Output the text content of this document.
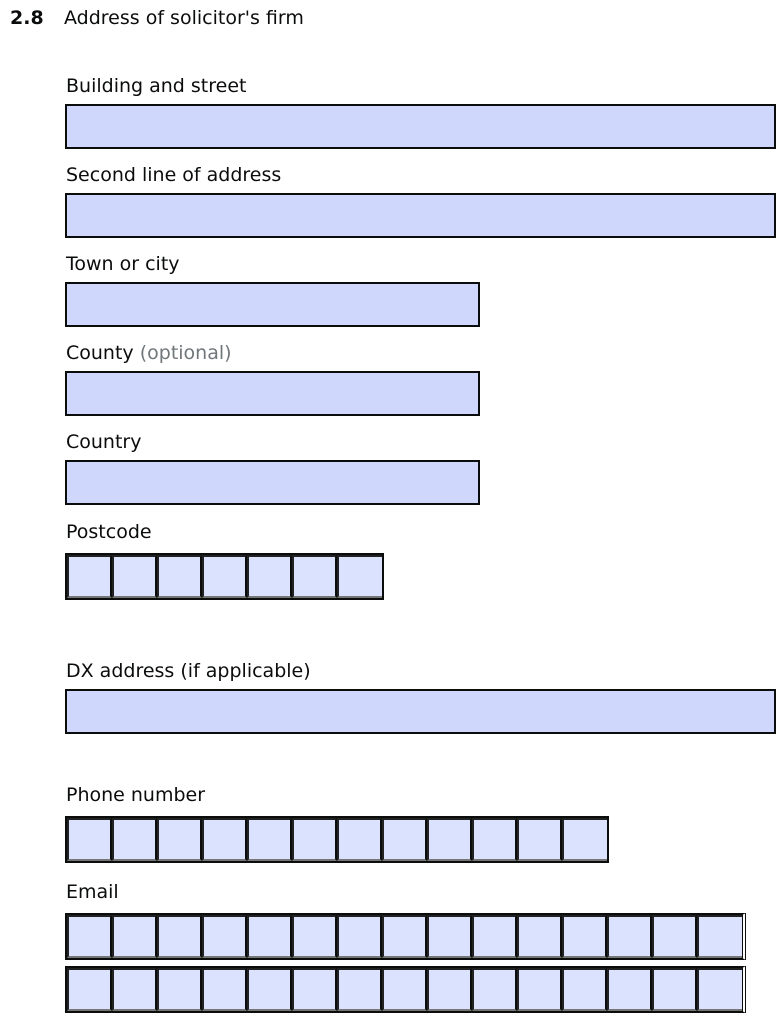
2.8 Address of solicitor's firm
Building and street
Second line of address
Town or city
County (optional)
Country
Postcode
DX address (if applicable)
Phone number
Email
